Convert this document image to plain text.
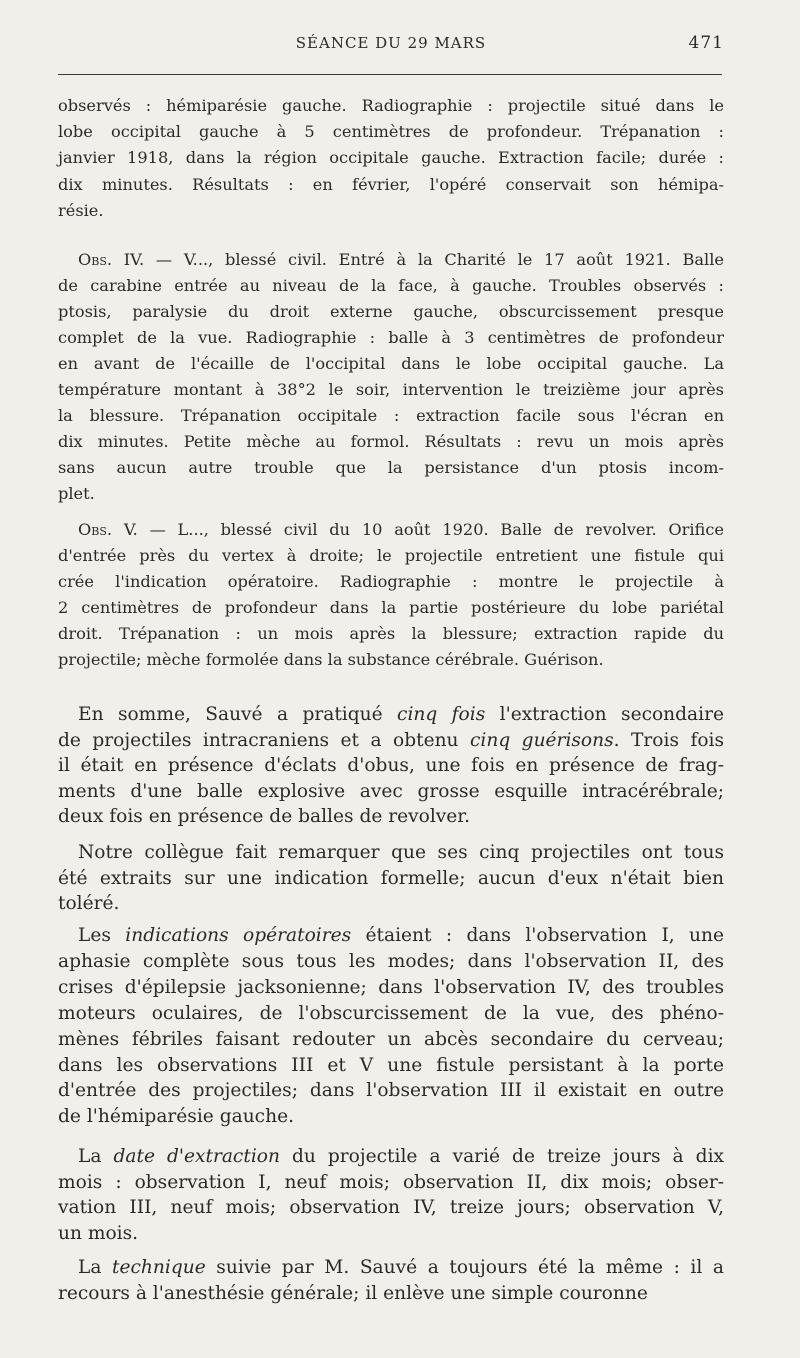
SÉANCE DU 29 MARS	471
observés : hémiparésie gauche. Radiographie : projectile situé dans le
lobe occipital gauche à 5 centimètres de profondeur. Trépanation :
janvier 1918, dans la région occipitale gauche. Extraction facile; durée :
dix minutes. Résultats : en février, l'opéré conservait son hémipa-
résie.
Obs. IV. — V..., blessé civil. Entré à la Charité le 17 août 1921. Balle
de carabine entrée au niveau de la face, à gauche. Troubles observés :
ptosis, paralysie du droit externe gauche, obscurcissement presque
complet de la vue. Radiographie : balle à 3 centimètres de profondeur
en avant de l'écaille de l'occipital dans le lobe occipital gauche. La
température montant à 38°2 le soir, intervention le treizième jour après
la blessure. Trépanation occipitale : extraction facile sous l'écran en
dix minutes. Petite mèche au formol. Résultats : revu un mois après
sans aucun autre trouble que la persistance d'un ptosis incom-
plet.
Obs. V. — L..., blessé civil du 10 août 1920. Balle de revolver. Orifice
d'entrée près du vertex à droite; le projectile entretient une fistule qui
crée l'indication opératoire. Radiographie : montre le projectile à
2 centimètres de profondeur dans la partie postérieure du lobe pariétal
droit. Trépanation : un mois après la blessure; extraction rapide du
projectile; mèche formolée dans la substance cérébrale. Guérison.
En somme, Sauvé a pratiqué cinq fois l'extraction secondaire
de projectiles intracraniens et a obtenu cinq guérisons. Trois fois
il était en présence d'éclats d'obus, une fois en présence de frag-
ments d'une balle explosive avec grosse esquille intracérébrale;
deux fois en présence de balles de revolver.
Notre collègue fait remarquer que ses cinq projectiles ont tous
été extraits sur une indication formelle; aucun d'eux n'était bien
toléré.
Les indications opératoires étaient : dans l'observation I, une
aphasie complète sous tous les modes; dans l'observation II, des
crises d'épilepsie jacksonienne; dans l'observation IV, des troubles
moteurs oculaires, de l'obscurcissement de la vue, des phéno-
mènes fébriles faisant redouter un abcès secondaire du cerveau;
dans les observations III et V une fistule persistant à la porte
d'entrée des projectiles; dans l'observation III il existait en outre
de l'hémiparésie gauche.
La date d'extraction du projectile a varié de treize jours à dix
mois : observation I, neuf mois; observation II, dix mois; obser-
vation III, neuf mois; observation IV, treize jours; observation V,
un mois.
La technique suivie par M. Sauvé a toujours été la même : il a
recours à l'anesthésie générale; il enlève une simple couronne
